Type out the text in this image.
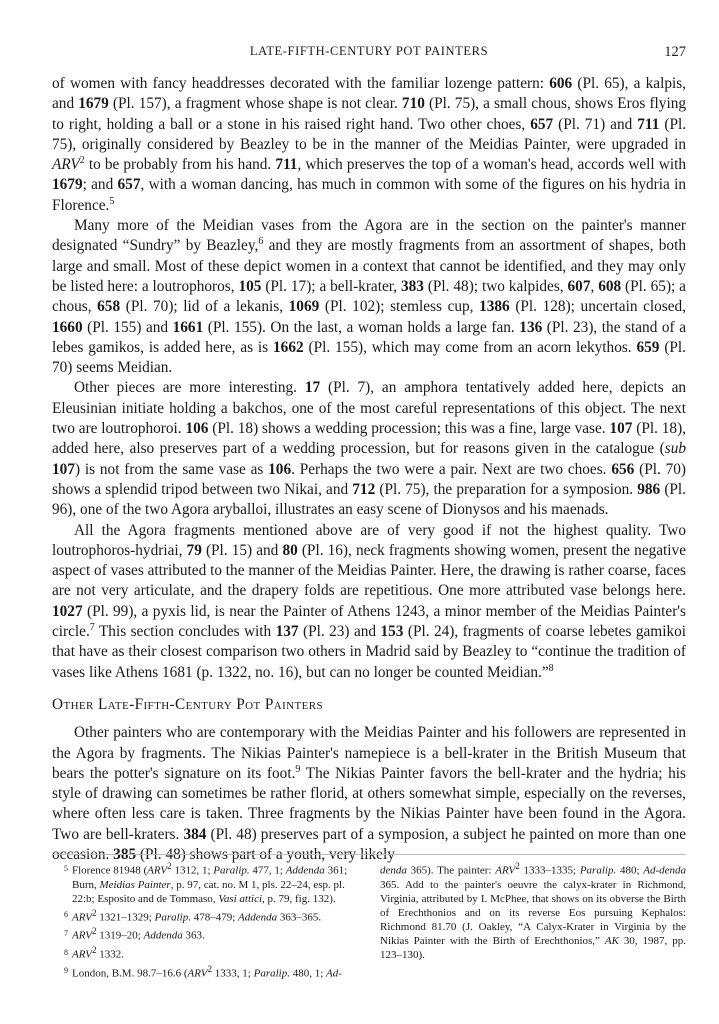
LATE-FIFTH-CENTURY POT PAINTERS	127

of women with fancy headdresses decorated with the familiar lozenge pattern: 606 (Pl. 65), a kalpis, and 1679 (Pl. 157), a fragment whose shape is not clear. 710 (Pl. 75), a small chous, shows Eros flying to right, holding a ball or a stone in his raised right hand. Two other choes, 657 (Pl. 71) and 711 (Pl. 75), originally considered by Beazley to be in the manner of the Meidias Painter, were upgraded in ARV$^2$ to be probably from his hand. 711, which preserves the top of a woman's head, accords well with 1679; and 657, with a woman dancing, has much in common with some of the figures on his hydria in Florence.$^5$

Many more of the Meidian vases from the Agora are in the section on the painter's manner designated “Sundry” by Beazley,$^6$ and they are mostly fragments from an assortment of shapes, both large and small. Most of these depict women in a context that cannot be identified, and they may only be listed here: a loutrophoros, 105 (Pl. 17); a bell-krater, 383 (Pl. 48); two kalpides, 607, 608 (Pl. 65); a chous, 658 (Pl. 70); lid of a lekanis, 1069 (Pl. 102); stemless cup, 1386 (Pl. 128); uncertain closed, 1660 (Pl. 155) and 1661 (Pl. 155). On the last, a woman holds a large fan. 136 (Pl. 23), the stand of a lebes gamikos, is added here, as is 1662 (Pl. 155), which may come from an acorn lekythos. 659 (Pl. 70) seems Meidian.

Other pieces are more interesting. 17 (Pl. 7), an amphora tentatively added here, depicts an Eleusinian initiate holding a bakchos, one of the most careful representations of this object. The next two are loutrophoroi. 106 (Pl. 18) shows a wedding procession; this was a fine, large vase. 107 (Pl. 18), added here, also preserves part of a wedding procession, but for reasons given in the catalogue (sub 107) is not from the same vase as 106. Perhaps the two were a pair. Next are two choes. 656 (Pl. 70) shows a splendid tripod between two Nikai, and 712 (Pl. 75), the preparation for a symposion. 986 (Pl. 96), one of the two Agora aryballoi, illustrates an easy scene of Dionysos and his maenads.

All the Agora fragments mentioned above are of very good if not the highest quality. Two loutrophoros-hydriai, 79 (Pl. 15) and 80 (Pl. 16), neck fragments showing women, present the negative aspect of vases attributed to the manner of the Meidias Painter. Here, the drawing is rather coarse, faces are not very articulate, and the drapery folds are repetitious. One more attributed vase belongs here. 1027 (Pl. 99), a pyxis lid, is near the Painter of Athens 1243, a minor member of the Meidias Painter's circle.$^7$ This section concludes with 137 (Pl. 23) and 153 (Pl. 24), fragments of coarse lebetes gamikoi that have as their closest comparison two others in Madrid said by Beazley to “continue the tradition of vases like Athens 1681 (p. 1322, no. 16), but can no longer be counted Meidian.”$^8$

Other Late-Fifth-Century Pot Painters

Other painters who are contemporary with the Meidias Painter and his followers are represented in the Agora by fragments. The Nikias Painter's namepiece is a bell-krater in the British Museum that bears the potter's signature on its foot.$^9$ The Nikias Painter favors the bell-krater and the hydria; his style of drawing can sometimes be rather florid, at others somewhat simple, especially on the reverses, where often less care is taken. Three fragments by the Nikias Painter have been found in the Agora. Two are bell-kraters. 384 (Pl. 48) preserves part of a symposion, a subject he painted on more than one occasion. 385 (Pl. 48) shows part of a youth, very likely

5 Florence 81948 (ARV$^2$ 1312, 1; Paralip. 477, 1; Addenda 361; Burn, Meidias Painter, p. 97, cat. no. M 1, pls. 22–24, esp. pl. 22:b; Esposito and de Tommaso, Vasi attici, p. 79, fig. 132).
6 ARV$^2$ 1321–1329; Paralip. 478–479; Addenda 363–365.
7 ARV$^2$ 1319–20; Addenda 363.
8 ARV$^2$ 1332.
9 London, B.M. 98.7–16.6 (ARV$^2$ 1333, 1; Paralip. 480, 1; Ad-
denda 365). The painter: ARV$^2$ 1333–1335; Paralip. 480; Ad-denda 365. Add to the painter's oeuvre the calyx-krater in Richmond, Virginia, attributed by I. McPhee, that shows on its obverse the Birth of Erechthonios and on its reverse Eos pursuing Kephalos: Richmond 81.70 (J. Oakley, “A Calyx-Krater in Virginia by the Nikias Painter with the Birth of Erechthonios,” AK 30, 1987, pp. 123–130).
